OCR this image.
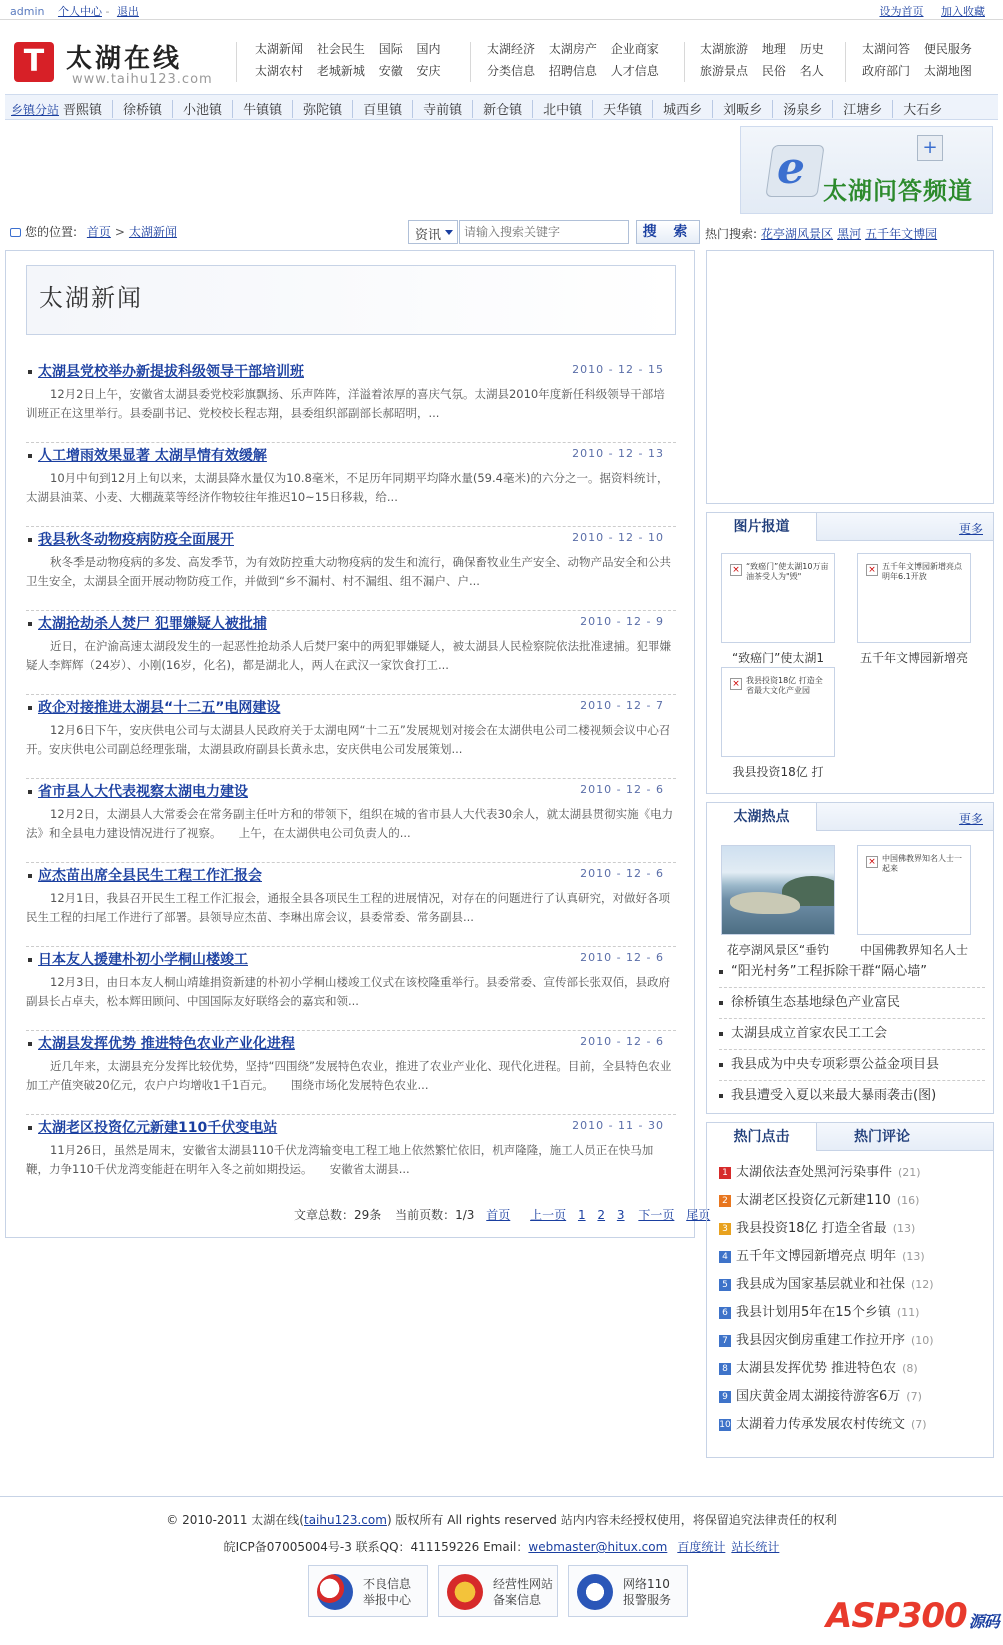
admin 个人中心 - 退出	设为首页 加入收藏
T 太湖在线
www.taihu123.com
太湖新闻 社会民生 国际 国内
太湖农村 老城新城 安徽 安庆
太湖经济 太湖房产 企业商家
分类信息 招聘信息 人才信息
太湖旅游 地理 历史
旅游景点 民俗 名人
太湖问答 便民服务
政府部门 太湖地图
乡镇分站 晋熙镇 徐桥镇 小池镇 牛镇镇 弥陀镇 百里镇 寺前镇 新仓镇 北中镇 天华镇 城西乡 刘畈乡 汤泉乡 江塘乡 大石乡
e	+
太湖问答频道
您的位置: 首页 > 太湖新闻	资讯
请输入搜索关键字	搜 索 热门搜索: 花亭湖风景区 黑河 五千年文博园
太湖新闻
太湖县党校举办新提拔科级领导干部培训班	2010 - 12 - 15
12月2日上午，安徽省太湖县委党校彩旗飘扬、乐声阵阵，洋溢着浓厚的喜庆气氛。太湖县2010年度新任科级领导干部培训班正在这里举行。县委副书记、党校校长程志翔，县委组织部副部长郝昭明，...
人工增雨效果显著 太湖旱情有效缓解	2010 - 12 - 13
10月中旬到12月上旬以来，太湖县降水量仅为10.8毫米，不足历年同期平均降水量(59.4毫米)的六分之一。据资料统计，太湖县油菜、小麦、大棚蔬菜等经济作物较往年推迟10~15日移栽，给...
我县秋冬动物疫病防疫全面展开	2010 - 12 - 10
秋冬季是动物疫病的多发、高发季节，为有效防控重大动物疫病的发生和流行，确保畜牧业生产安全、动物产品安全和公共卫生安全，太湖县全面开展动物防疫工作，并做到“乡不漏村、村不漏组、组不漏户、户...
太湖抢劫杀人焚尸 犯罪嫌疑人被批捕	2010 - 12 - 9
近日，在沪渝高速太湖段发生的一起恶性抢劫杀人后焚尸案中的两犯罪嫌疑人，被太湖县人民检察院依法批准逮捕。犯罪嫌疑人李辉辉（24岁）、小刚(16岁，化名)，都是湖北人，两人在武汉一家饮食打工...
政企对接推进太湖县“十二五”电网建设	2010 - 12 - 7
12月6日下午，安庆供电公司与太湖县人民政府关于太湖电网“十二五”发展规划对接会在太湖供电公司二楼视频会议中心召开。安庆供电公司副总经理张瑞，太湖县政府副县长黄永忠，安庆供电公司发展策划...
省市县人大代表视察太湖电力建设	2010 - 12 - 6
12月2日，太湖县人大常委会在常务副主任叶方和的带领下，组织在城的省市县人大代表30余人，就太湖县贯彻实施《电力法》和全县电力建设情况进行了视察。　　上午，在太湖供电公司负责人的...
应杰苗出席全县民生工程工作汇报会	2010 - 12 - 6
12月1日，我县召开民生工程工作汇报会，通报全县各项民生工程的进展情况，对存在的问题进行了认真研究，对做好各项民生工程的扫尾工作进行了部署。县领导应杰苗、李琳出席会议，县委常委、常务副县...
日本友人援建朴初小学桐山楼竣工	2010 - 12 - 6
12月3日，由日本友人桐山靖雄捐资新建的朴初小学桐山楼竣工仪式在该校隆重举行。县委常委、宣传部长张双佰，县政府副县长占卓夫，松本辉田顾问、中国国际友好联络会的嘉宾和领...
太湖县发挥优势 推进特色农业产业化进程	2010 - 12 - 6
近几年来，太湖县充分发挥比较优势，坚持“四围绕”发展特色农业，推进了农业产业化、现代化进程。目前，全县特色农业加工产值突破20亿元，农户户均增收1千1百元。　　围绕市场化发展特色农业...
太湖老区投资亿元新建110千伏变电站	2010 - 11 - 30
11月26日，虽然是周末，安徽省太湖县110千伏龙湾输变电工程工地上依然繁忙依旧，机声隆隆，施工人员正在快马加鞭，力争110千伏龙湾变能赶在明年入冬之前如期投运。　　安徽省太湖县...
文章总数：29条 当前页数：1/3 首页 上一页 1 2 3 下一页 尾页
图片报道	更多
× “致癌门”使太湖10万亩油茶受人为"毁"
“致癌门”使太湖1
× 五千年文博园新增亮点 明年6.1开放
五千年文博园新增亮
× 我县投资18亿 打造全省最大文化产业园
我县投资18亿 打
太湖热点	更多
花亭湖风景区“垂钓
× 中国佛教界知名人士一起来
中国佛教界知名人士
“阳光村务”工程拆除干群“隔心墙”
徐桥镇生态基地绿色产业富民
太湖县成立首家农民工工会
我县成为中央专项彩票公益金项目县
我县遭受入夏以来最大暴雨袭击(图)
热门点击	热门评论
1 太湖依法查处黑河污染事件 (21)
2 太湖老区投资亿元新建110 (16)
3 我县投资18亿 打造全省最 (13)
4 五千年文博园新增亮点 明年 (13)
5 我县成为国家基层就业和社保 (12)
6 我县计划用5年在15个乡镇 (11)
7 我县因灾倒房重建工作拉开序 (10)
8 太湖县发挥优势 推进特色农 (8)
9 国庆黄金周太湖接待游客6万 (7)
10 太湖着力传承发展农村传统文 (7)
© 2010-2011 太湖在线(taihu123.com) 版权所有 All rights reserved 站内内容未经授权使用，将保留追究法律责任的权利
皖ICP备07005004号-3 联系QQ：411159226 Email：webmaster@hitux.com 百度统计 站长统计
不良信息
举报中心
经营性网站
备案信息
网络110
报警服务	ASP300 源码
